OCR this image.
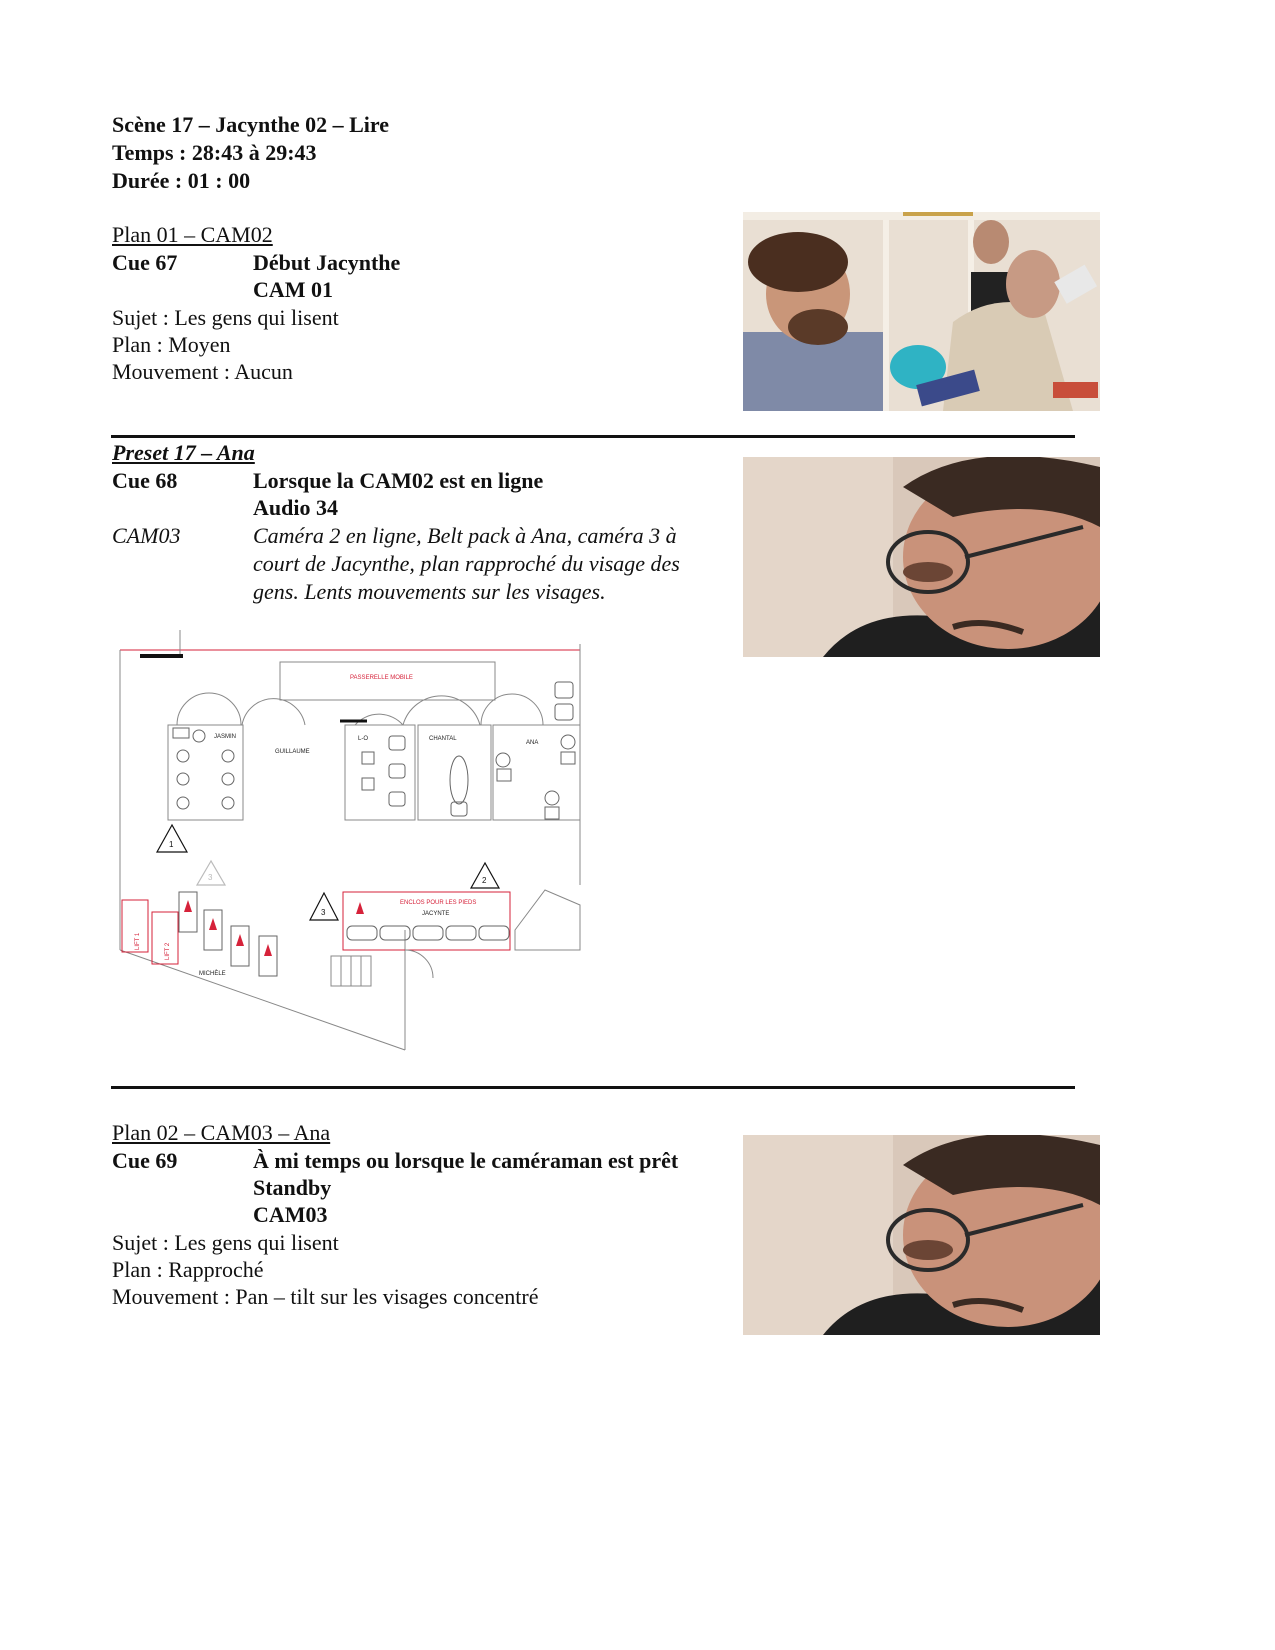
Scène 17 – Jacynthe 02 – Lire
Temps : 28:43 à 29:43
Durée : 01 : 00
Plan 01 – CAM02
Cue 67	Début Jacynthe
CAM 01
Sujet : Les gens qui lisent
Plan : Moyen
Mouvement : Aucun
Preset 17 – Ana
Cue 68	Lorsque la CAM02 est en ligne
Audio 34
CAM03	Caméra 2 en ligne, Belt pack à Ana, caméra 3 à court de Jacynthe, plan rapproché du visage des gens. Lents mouvements sur les visages.
PASSERELLE MOBILE
JASMIN
GUILLAUME
L-O	CHANTAL
ANA
1
2
3
3
ENCLOS POUR LES PIEDS
JACYNTE
LIFT 1
LIFT 2
MICHÈLE
Plan 02 – CAM03 – Ana
Cue 69	À mi temps ou lorsque le caméraman est prêt
Standby
CAM03
Sujet : Les gens qui lisent
Plan : Rapproché
Mouvement : Pan – tilt sur les visages concentré
